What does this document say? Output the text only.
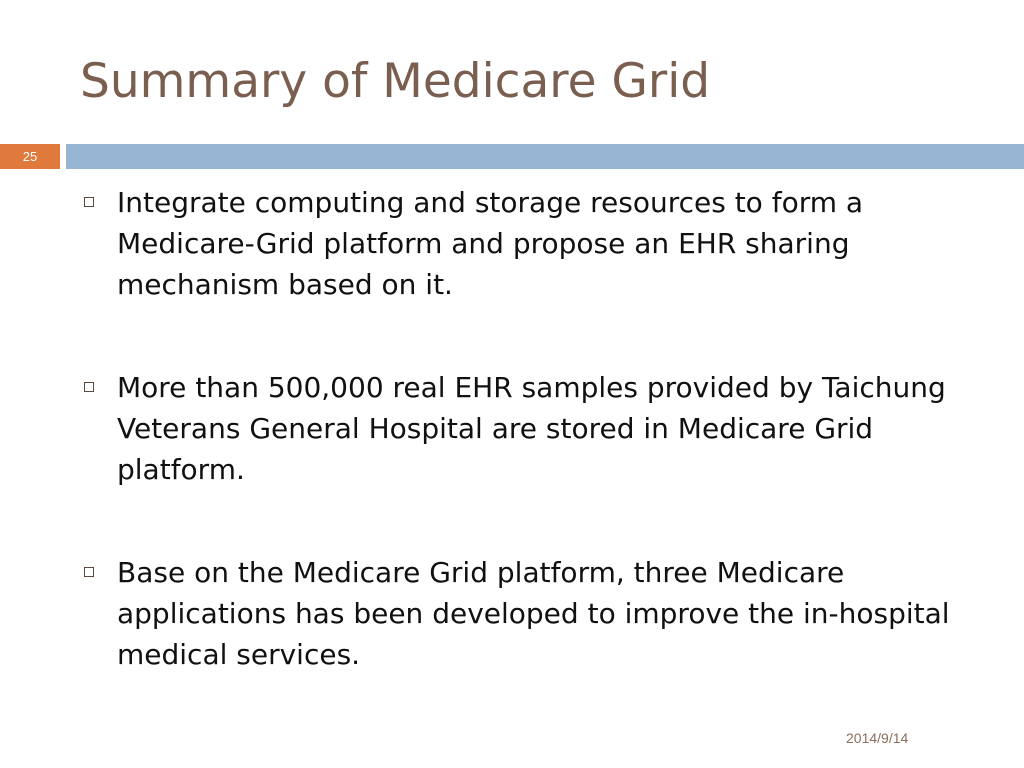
Summary of Medicare Grid
25
Integrate computing and storage resources to form a Medicare-Grid platform and propose an EHR sharing mechanism based on it.
More than 500,000 real EHR samples provided by Taichung Veterans General Hospital are stored in Medicare Grid platform.
Base on the Medicare Grid platform, three Medicare applications has been developed to improve the in-hospital medical services.
2014/9/14
